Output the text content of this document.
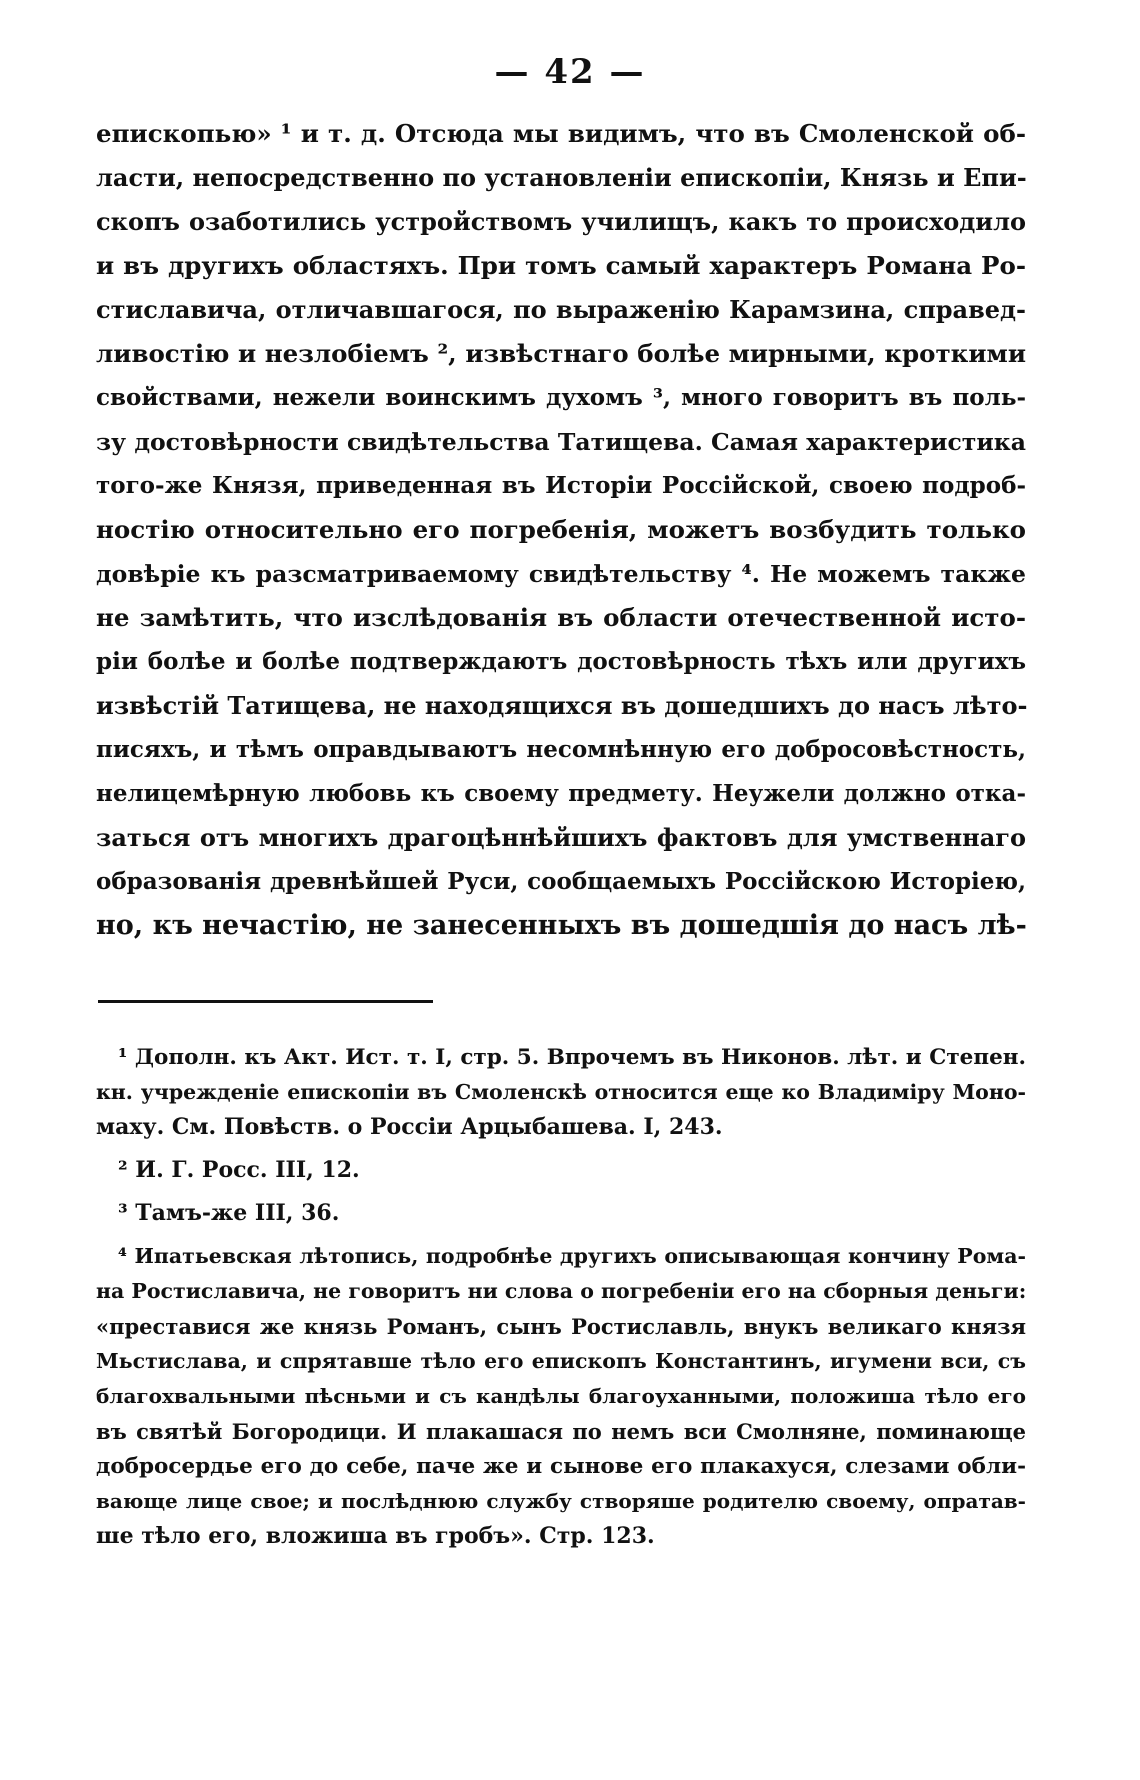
— 42 —
епископью» ¹ и т. д. Отсюда мы видимъ, что въ Смоленской об-
ласти, непосредственно по установленіи епископіи, Князь и Епи-
скопъ озаботились устройствомъ училищъ, какъ то происходило
и въ другихъ областяхъ. При томъ самый характеръ Романа Ро-
стиславича, отличавшагося, по выраженію Карамзина, справед-
ливостію и незлобіемъ ², извѣстнаго болѣе мирными, кроткими
свойствами, нежели воинскимъ духомъ ³, много говоритъ въ поль-
зу достовѣрности свидѣтельства Татищева. Самая характеристика
того-же Князя, приведенная въ Исторіи Россійской, своею подроб-
ностію относительно его погребенія, можетъ возбудить только
довѣріе къ разсматриваемому свидѣтельству ⁴. Не можемъ также
не замѣтить, что изслѣдованія въ области отечественной исто-
ріи болѣе и болѣе подтверждаютъ достовѣрность тѣхъ или другихъ
извѣстій Татищева, не находящихся въ дошедшихъ до насъ лѣто-
писяхъ, и тѣмъ оправдываютъ несомнѣнную его добросовѣстность,
нелицемѣрную любовь къ своему предмету. Неужели должно отка-
заться отъ многихъ драгоцѣннѣйшихъ фактовъ для умственнаго
образованія древнѣйшей Руси, сообщаемыхъ Россійскою Исторіею,
но, къ нечастію, не занесенныхъ въ дошедшія до насъ лѣ-
¹ Дополн. къ Акт. Ист. т. I, стр. 5. Впрочемъ въ Никонов. лѣт. и Степен.
кн. учрежденіе епископіи въ Смоленскѣ относится еще ко Владиміру Моно-
маху. См. Повѣств. о Россіи Арцыбашева. I, 243.
² И. Г. Росс. III, 12.
³ Тамъ-же III, 36.
⁴ Ипатьевская лѣтопись, подробнѣе другихъ описывающая кончину Рома-
на Ростиславича, не говоритъ ни слова о погребеніи его на сборныя деньги:
«преставися же князь Романъ, сынъ Ростиславль, внукъ великаго князя
Мьстислава, и спрятавше тѣло его епископъ Константинъ, игумени вси, съ
благохвальными пѣсньми и съ кандѣлы благоуханными, положиша тѣло его
въ святѣй Богородици. И плакашася по немъ вси Смолняне, поминающе
добросердье его до себе, паче же и сынове его плакахуся, слезами обли-
вающе лице свое; и послѣднюю службу створяше родителю своему, опратав-
ше тѣло его, вложиша въ гробъ». Стр. 123.
